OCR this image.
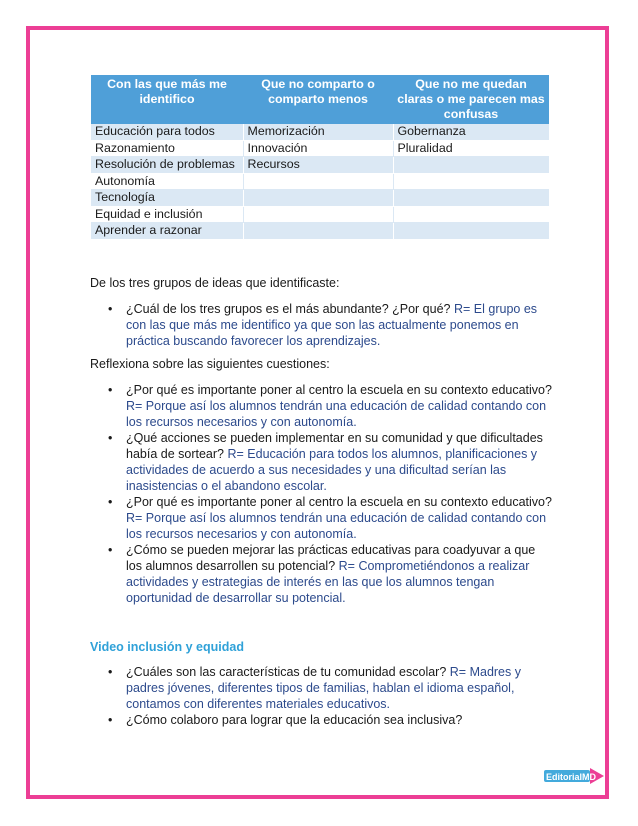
Con las que más me identifico	Que no comparto o comparto menos	Que no me quedan claras o me parecen mas confusas
Educación para todos	Memorización	Gobernanza
Razonamiento	Innovación	Pluralidad
Resolución de problemas	Recursos	
Autonomía		
Tecnología		
Equidad e inclusión		
Aprender a razonar		

De los tres grupos de ideas que identificaste:

• ¿Cuál de los tres grupos es el más abundante? ¿Por qué? R= El grupo es con las que más me identifico ya que son las actualmente ponemos en práctica buscando favorecer los aprendizajes.

Reflexiona sobre las siguientes cuestiones:

• ¿Por qué es importante poner al centro la escuela en su contexto educativo? R= Porque así los alumnos tendrán una educación de calidad contando con los recursos necesarios y con autonomía.
• ¿Qué acciones se pueden implementar en su comunidad y que dificultades había de sortear? R= Educación para todos los alumnos, planificaciones y actividades de acuerdo a sus necesidades y una dificultad serían las inasistencias o el abandono escolar.
• ¿Por qué es importante poner al centro la escuela en su contexto educativo? R= Porque así los alumnos tendrán una educación de calidad contando con los recursos necesarios y con autonomía.
• ¿Cómo se pueden mejorar las prácticas educativas para coadyuvar a que los alumnos desarrollen su potencial? R= Comprometiéndonos a realizar actividades y estrategias de interés en las que los alumnos tengan oportunidad de desarrollar su potencial.

Video inclusión y equidad

• ¿Cuáles son las características de tu comunidad escolar? R= Madres y padres jóvenes, diferentes tipos de familias, hablan el idioma español, contamos con diferentes materiales educativos.
• ¿Cómo colaboro para lograr que la educación sea inclusiva?
EditorialMD
